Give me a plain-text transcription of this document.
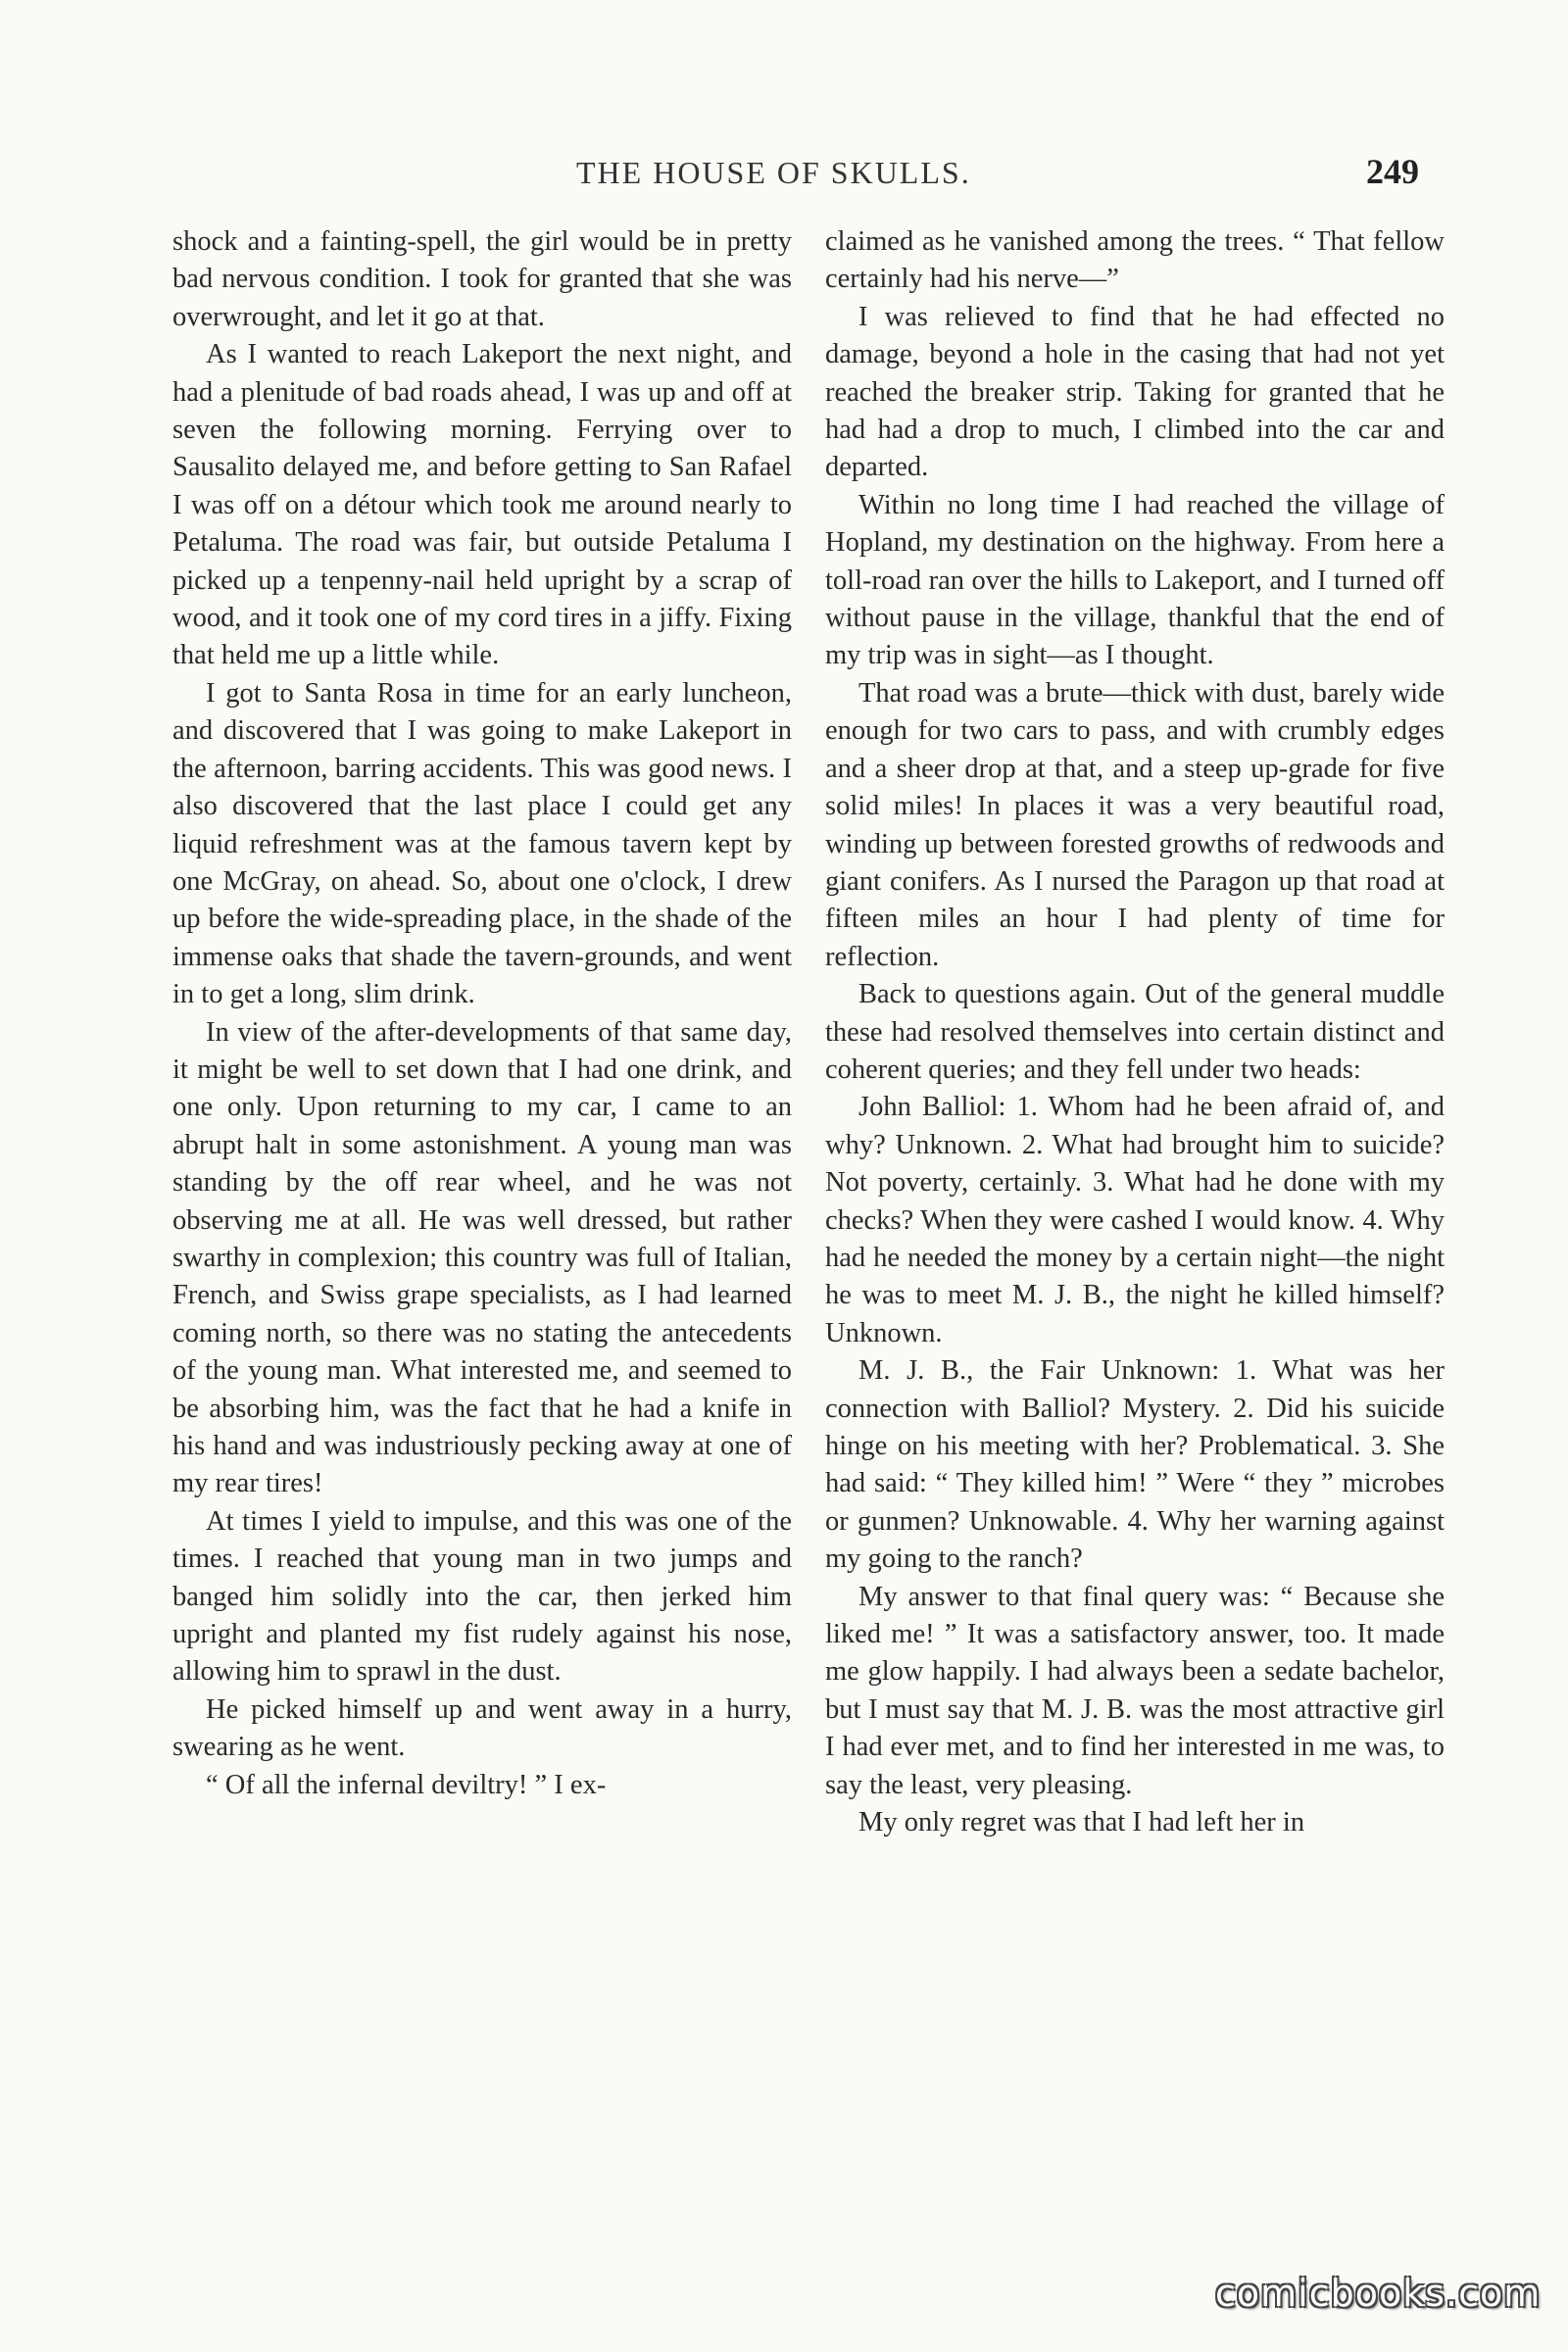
THE HOUSE OF SKULLS.	249

shock and a fainting-spell, the girl would be in pretty bad nervous condition. I took for granted that she was overwrought, and let it go at that.

As I wanted to reach Lakeport the next night, and had a plenitude of bad roads ahead, I was up and off at seven the following morning. Ferrying over to Sausalito delayed me, and before getting to San Rafael I was off on a détour which took me around nearly to Petaluma. The road was fair, but outside Petaluma I picked up a tenpenny-nail held upright by a scrap of wood, and it took one of my cord tires in a jiffy. Fixing that held me up a little while.

I got to Santa Rosa in time for an early luncheon, and discovered that I was going to make Lakeport in the afternoon, barring accidents. This was good news. I also discovered that the last place I could get any liquid refreshment was at the famous tavern kept by one McGray, on ahead. So, about one o'clock, I drew up before the wide-spreading place, in the shade of the immense oaks that shade the tavern-grounds, and went in to get a long, slim drink.

In view of the after-developments of that same day, it might be well to set down that I had one drink, and one only. Upon returning to my car, I came to an abrupt halt in some astonishment. A young man was standing by the off rear wheel, and he was not observing me at all. He was well dressed, but rather swarthy in complexion; this country was full of Italian, French, and Swiss grape specialists, as I had learned coming north, so there was no stating the antecedents of the young man. What interested me, and seemed to be absorbing him, was the fact that he had a knife in his hand and was industriously pecking away at one of my rear tires!

At times I yield to impulse, and this was one of the times. I reached that young man in two jumps and banged him solidly into the car, then jerked him upright and planted my fist rudely against his nose, allowing him to sprawl in the dust.

He picked himself up and went away in a hurry, swearing as he went.

“ Of all the infernal deviltry! ” I ex-

claimed as he vanished among the trees. “ That fellow certainly had his nerve—”

I was relieved to find that he had effected no damage, beyond a hole in the casing that had not yet reached the breaker strip. Taking for granted that he had had a drop to much, I climbed into the car and departed.

Within no long time I had reached the village of Hopland, my destination on the highway. From here a toll-road ran over the hills to Lakeport, and I turned off without pause in the village, thankful that the end of my trip was in sight—as I thought.

That road was a brute—thick with dust, barely wide enough for two cars to pass, and with crumbly edges and a sheer drop at that, and a steep up-grade for five solid miles! In places it was a very beautiful road, winding up between forested growths of redwoods and giant conifers. As I nursed the Paragon up that road at fifteen miles an hour I had plenty of time for reflection.

Back to questions again. Out of the general muddle these had resolved themselves into certain distinct and coherent queries; and they fell under two heads:

John Balliol: 1. Whom had he been afraid of, and why? Unknown. 2. What had brought him to suicide? Not poverty, certainly. 3. What had he done with my checks? When they were cashed I would know. 4. Why had he needed the money by a certain night—the night he was to meet M. J. B., the night he killed himself? Unknown.

M. J. B., the Fair Unknown: 1. What was her connection with Balliol? Mystery. 2. Did his suicide hinge on his meeting with her? Problematical. 3. She had said: “ They killed him! ” Were “ they ” microbes or gunmen? Unknowable. 4. Why her warning against my going to the ranch?

My answer to that final query was: “ Because she liked me! ” It was a satisfactory answer, too. It made me glow happily. I had always been a sedate bachelor, but I must say that M. J. B. was the most attractive girl I had ever met, and to find her interested in me was, to say the least, very pleasing.

My only regret was that I had left her in

comicbooks.com
